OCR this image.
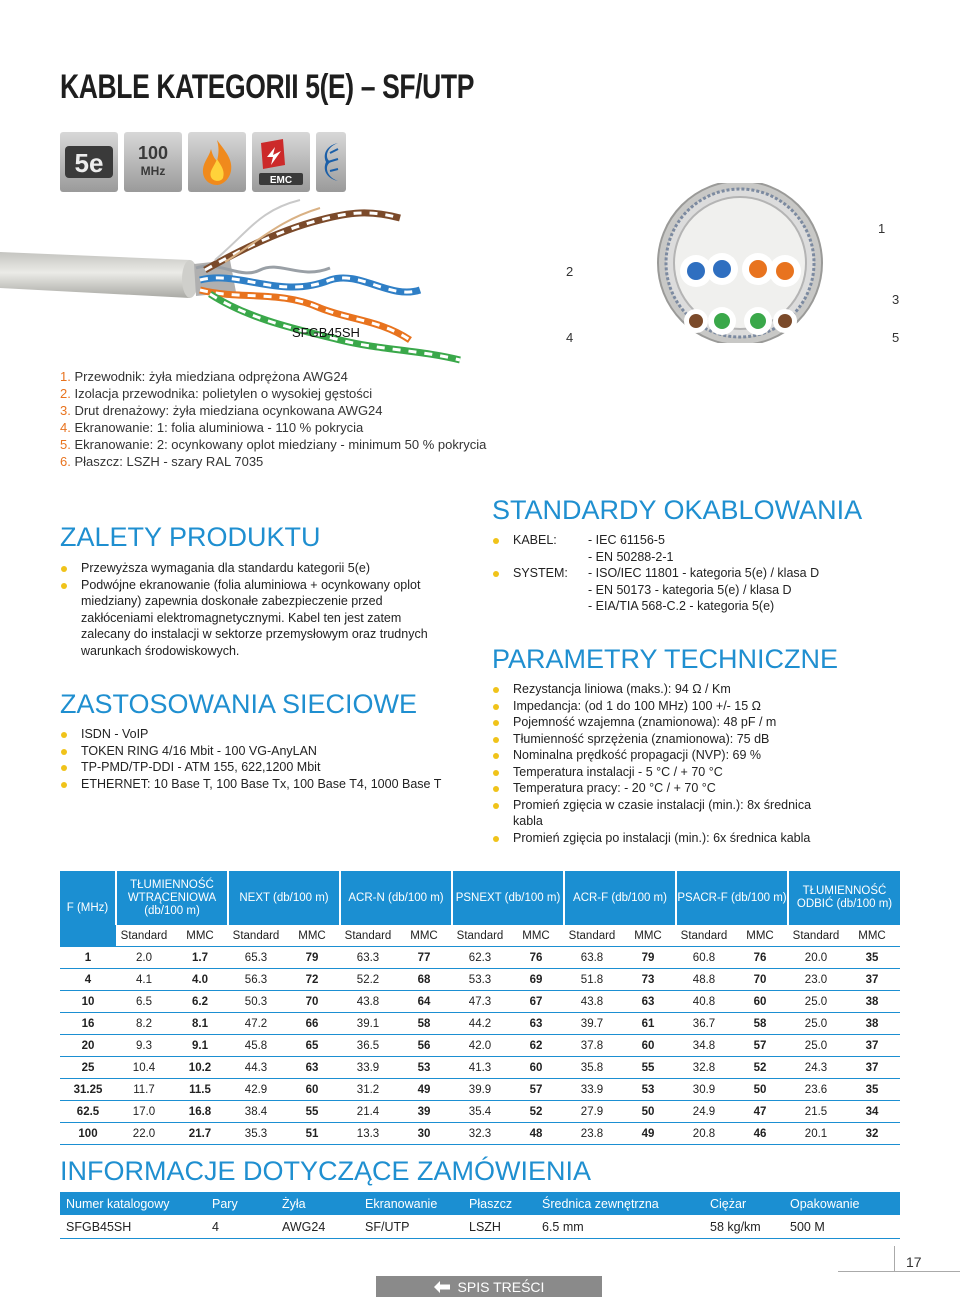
KABLE KATEGORII 5(E) – SF/UTP
5e 100
MHz
EMC
SFGB45SH
1
2
3
4	5
1. Przewodnik: żyła miedziana odprężona AWG24
2. Izolacja przewodnika: polietylen o wysokiej gęstości
3. Drut drenażowy: żyła miedziana ocynkowana AWG24
4. Ekranowanie: 1: folia aluminiowa - 110 % pokrycia
5. Ekranowanie: 2: ocynkowany oplot miedziany - minimum 50 % pokrycia
6. Płaszcz: LSZH - szary RAL 7035
ZALETY PRODUKTU
Przewyższa wymagania dla standardu kategorii 5(e)
Podwójne ekranowanie (folia aluminiowa + ocynkowany oplot miedziany) zapewnia doskonałe zabezpieczenie przed zakłóceniami elektromagnetycznymi. Kabel ten jest zatem zalecany do instalacji w sektorze przemysłowym oraz trudnych warunkach środowiskowych.
ZASTOSOWANIA SIECIOWE
ISDN - VoIP
TOKEN RING 4/16 Mbit - 100 VG-AnyLAN
TP-PMD/TP-DDI - ATM 155, 622,1200 Mbit
ETHERNET: 10 Base T, 100 Base Tx, 100 Base T4, 1000 Base T
STANDARDY OKABLOWANIA
KABEL:	- IEC 61156-5
- EN 50288-2-1
SYSTEM:	- ISO/IEC 11801 - kategoria 5(e) / klasa D
- EN 50173 - kategoria 5(e) / klasa D
- EIA/TIA 568-C.2 - kategoria 5(e)
PARAMETRY TECHNICZNE
Rezystancja liniowa (maks.): 94 Ω / Km
Impedancja: (od 1 do 100 MHz) 100 +/- 15 Ω
Pojemność wzajemna (znamionowa): 48 pF / m
Tłumienność sprzężenia (znamionowa): 75 dB
Nominalna prędkość propagacji (NVP): 69 %
Temperatura instalacji - 5 °C / + 70 °C
Temperatura pracy: - 20 °C / + 70 °C
Promień zgięcia w czasie instalacji (min.): 8x średnica kabla
Promień zgięcia po instalacji (min.): 6x średnica kabla
F (MHz)	TŁUMIENNOŚĆ WTRĄCENIOWA (db/100 m)		NEXT (db/100 m)		ACR-N (db/100 m)		PSNEXT (db/100 m)		ACR-F (db/100 m)		PSACR-F (db/100 m)		TŁUMIENNOŚĆ ODBIĆ (db/100 m)	
	Standard	MMC	Standard	MMC	Standard	MMC	Standard	MMC	Standard	MMC	Standard	MMC	Standard	MMC
1	2.0	1.7	65.3	79	63.3	77	62.3	76	63.8	79	60.8	76	20.0	35
4	4.1	4.0	56.3	72	52.2	68	53.3	69	51.8	73	48.8	70	23.0	37
10	6.5	6.2	50.3	70	43.8	64	47.3	67	43.8	63	40.8	60	25.0	38
16	8.2	8.1	47.2	66	39.1	58	44.2	63	39.7	61	36.7	58	25.0	38
20	9.3	9.1	45.8	65	36.5	56	42.0	62	37.8	60	34.8	57	25.0	37
25	10.4	10.2	44.3	63	33.9	53	41.3	60	35.8	55	32.8	52	24.3	37
31.25	11.7	11.5	42.9	60	31.2	49	39.9	57	33.9	53	30.9	50	23.6	35
62.5	17.0	16.8	38.4	55	21.4	39	35.4	52	27.9	50	24.9	47	21.5	34
100	22.0	21.7	35.3	51	13.3	30	32.3	48	23.8	49	20.8	46	20.1	32
INFORMACJE DOTYCZĄCE ZAMÓWIENIA
Numer katalogowy	Pary	Żyła	Ekranowanie	Płaszcz	Średnica zewnętrzna	Ciężar	Opakowanie
SFGB45SH	4	AWG24	SF/UTP	LSZH	6.5 mm	58 kg/km	500 M
17
SPIS TREŚCI
